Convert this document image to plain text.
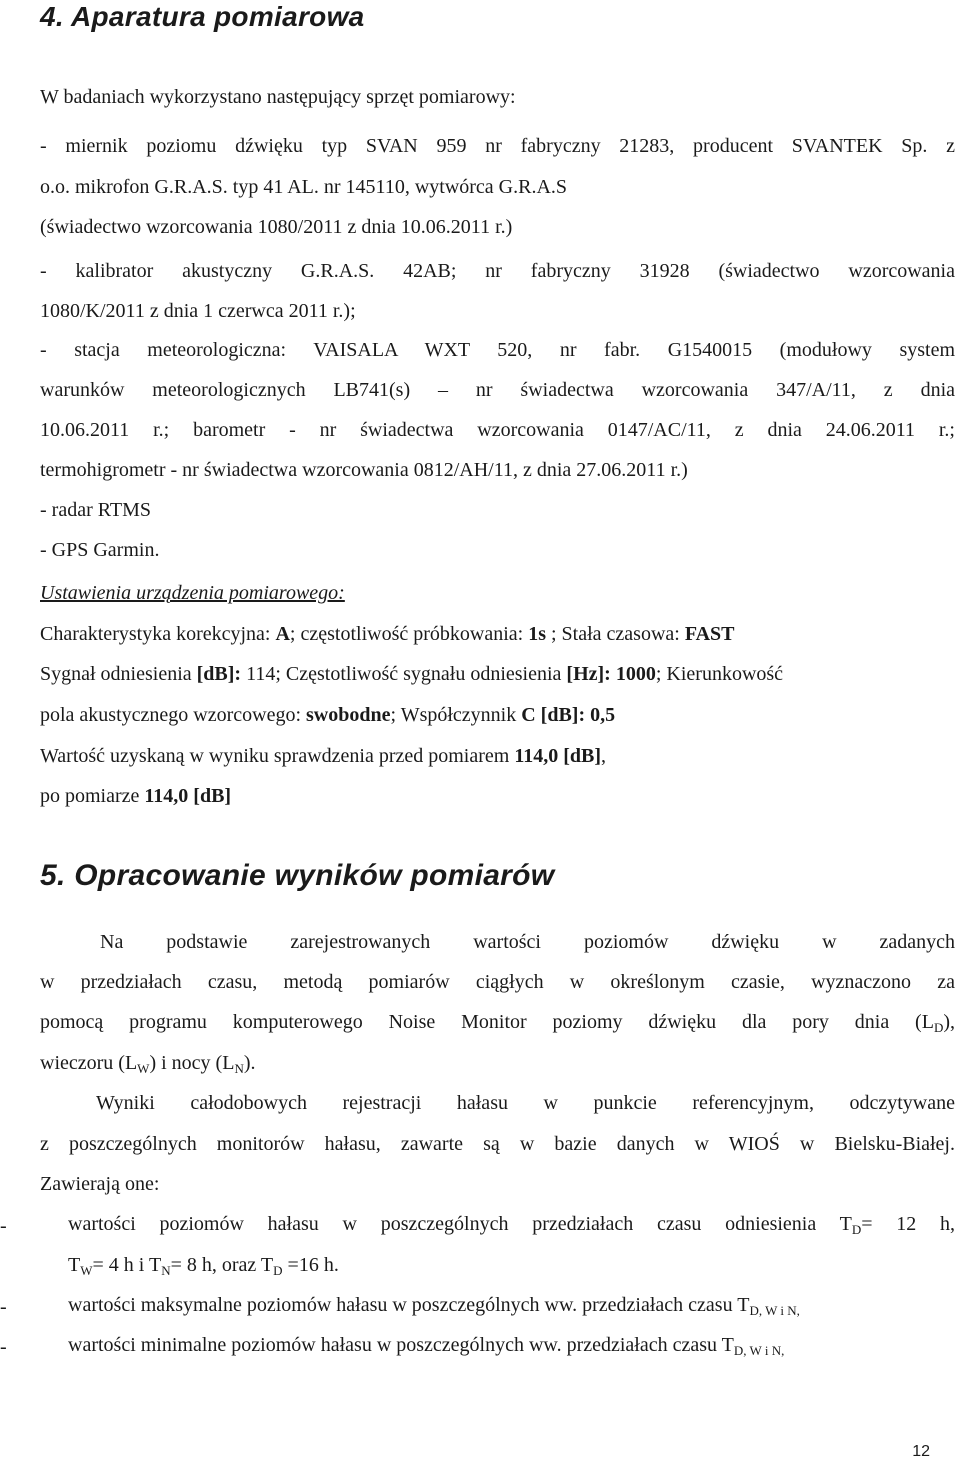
4. Aparatura pomiarowa
W badaniach wykorzystano następujący sprzęt pomiarowy:
- miernik poziomu dźwięku typ SVAN 959 nr fabryczny 21283, producent SVANTEK Sp. z
o.o. mikrofon G.R.A.S. typ 41 AL. nr 145110, wytwórca G.R.A.S
(świadectwo wzorcowania 1080/2011 z dnia 10.06.2011 r.)
- kalibrator akustyczny G.R.A.S. 42AB; nr fabryczny 31928 (świadectwo wzorcowania
1080/K/2011 z dnia 1 czerwca 2011 r.);
- stacja meteorologiczna: VAISALA WXT 520, nr fabr. G1540015 (modułowy system
warunków meteorologicznych LB741(s) – nr świadectwa wzorcowania 347/A/11, z dnia
10.06.2011 r.; barometr - nr świadectwa wzorcowania 0147/AC/11, z dnia 24.06.2011 r.;
termohigrometr - nr świadectwa wzorcowania 0812/AH/11, z dnia 27.06.2011 r.)
- radar RTMS
- GPS Garmin.
Ustawienia urządzenia pomiarowego:
Charakterystyka korekcyjna: A; częstotliwość próbkowania: 1s ; Stała czasowa: FAST
Sygnał odniesienia [dB]: 114; Częstotliwość sygnału odniesienia [Hz]: 1000; Kierunkowość
pola akustycznego wzorcowego: swobodne; Współczynnik C [dB]: 0,5
Wartość uzyskaną w wyniku sprawdzenia przed pomiarem 114,0 [dB],
po pomiarze 114,0 [dB]
5. Opracowanie wyników pomiarów
Na podstawie zarejestrowanych wartości poziomów dźwięku w zadanych
w przedziałach czasu, metodą pomiarów ciągłych w określonym czasie, wyznaczono za
pomocą programu komputerowego Noise Monitor poziomy dźwięku dla pory dnia $(L_D)$,
wieczoru $(L_W)$ i nocy $(L_N)$.
Wyniki całodobowych rejestracji hałasu w punkcie referencyjnym, odczytywane
z poszczególnych monitorów hałasu, zawarte są w bazie danych w WIOŚ w Bielsku-Białej.
Zawierają one:
-	wartości poziomów hałasu w poszczególnych przedziałach czasu odniesienia $T_D= 12$ h,
$T_W= 4$ h i $T_N= 8$ h, oraz $T_D =16$ h.
-	wartości maksymalne poziomów hałasu w poszczególnych ww. przedziałach czasu $T_{D, W i N,}$
-	wartości minimalne poziomów hałasu w poszczególnych ww. przedziałach czasu $T_{D, W i N,}$
12
